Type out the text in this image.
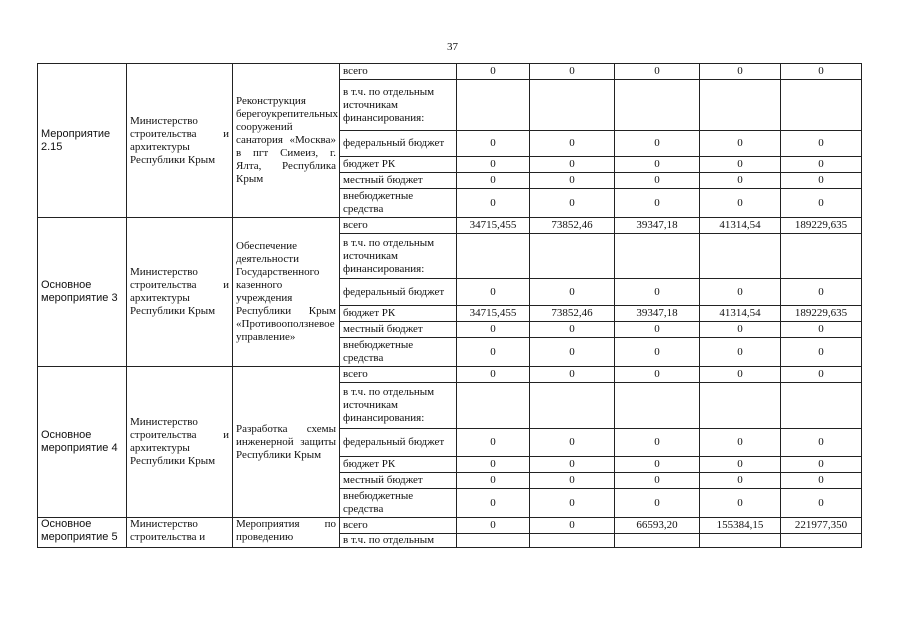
37
Мероприятие 2.15	Министерство строительства и архитектуры Республики Крым	Реконструкция берегоукрепительных сооружений санатория «Москва» в пгт Симеиз, г. Ялта, Республика Крым	всего	0	0	0	0	0
			в т.ч. по отдельным источникам финансирования:					
			федеральный бюджет	0	0	0	0	0
			бюджет РК	0	0	0	0	0
			местный бюджет	0	0	0	0	0
			внебюджетные средства	0	0	0	0	0
Основное мероприятие 3	Министерство строительства и архитектуры Республики Крым	Обеспечение деятельности Государственного казенного учреждения Республики Крым «Противооползневое управление»	всего	34715,455	73852,46	39347,18	41314,54	189229,635
			в т.ч. по отдельным источникам финансирования:					
			федеральный бюджет	0	0	0	0	0
			бюджет РК	34715,455	73852,46	39347,18	41314,54	189229,635
			местный бюджет	0	0	0	0	0
			внебюджетные средства	0	0	0	0	0
Основное мероприятие 4	Министерство строительства и архитектуры Республики Крым	Разработка схемы инженерной защиты Республики Крым	всего	0	0	0	0	0
			в т.ч. по отдельным источникам финансирования:					
			федеральный бюджет	0	0	0	0	0
			бюджет РК	0	0	0	0	0
			местный бюджет	0	0	0	0	0
			внебюджетные средства	0	0	0	0	0
Основное мероприятие 5	Министерство строительства и	Мероприятия по проведению	всего	0	0	66593,20	155384,15	221977,350
			в т.ч. по отдельным					
